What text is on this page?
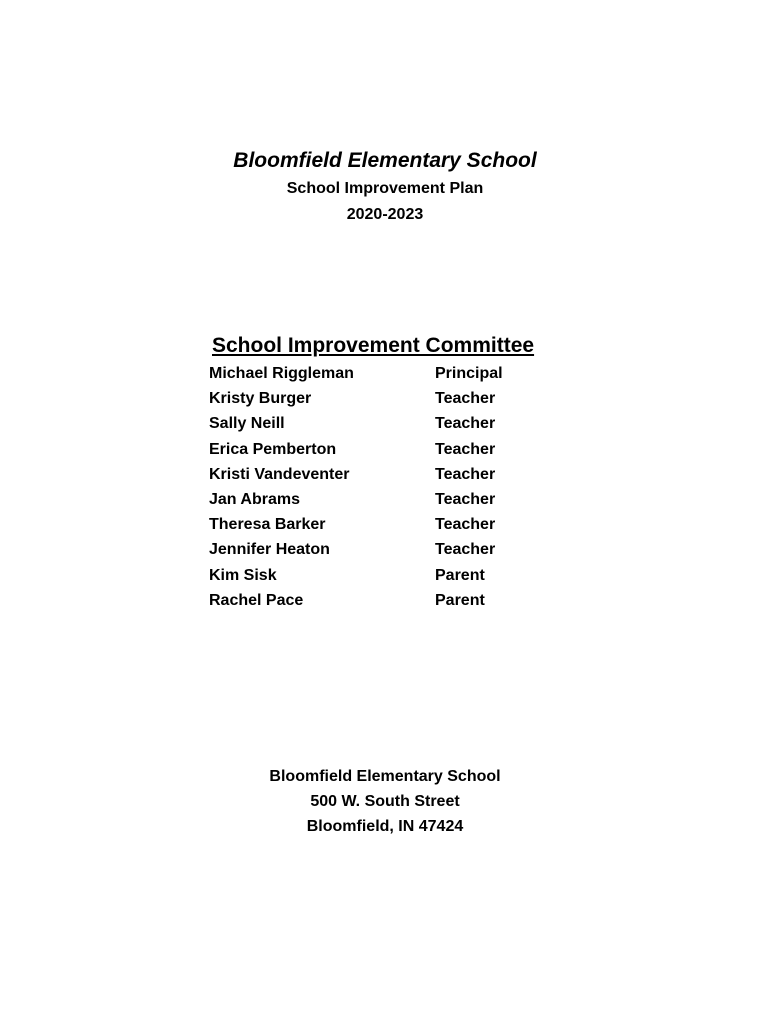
Bloomfield Elementary School

School Improvement Plan

2020-2023

School Improvement Committee

Michael Riggleman	Principal
Kristy Burger	Teacher
Sally Neill	Teacher
Erica Pemberton	Teacher
Kristi Vandeventer	Teacher
Jan Abrams	Teacher
Theresa Barker	Teacher
Jennifer Heaton	Teacher
Kim Sisk	Parent
Rachel Pace	Parent

Bloomfield Elementary School

500 W. South Street

Bloomfield, IN 47424
